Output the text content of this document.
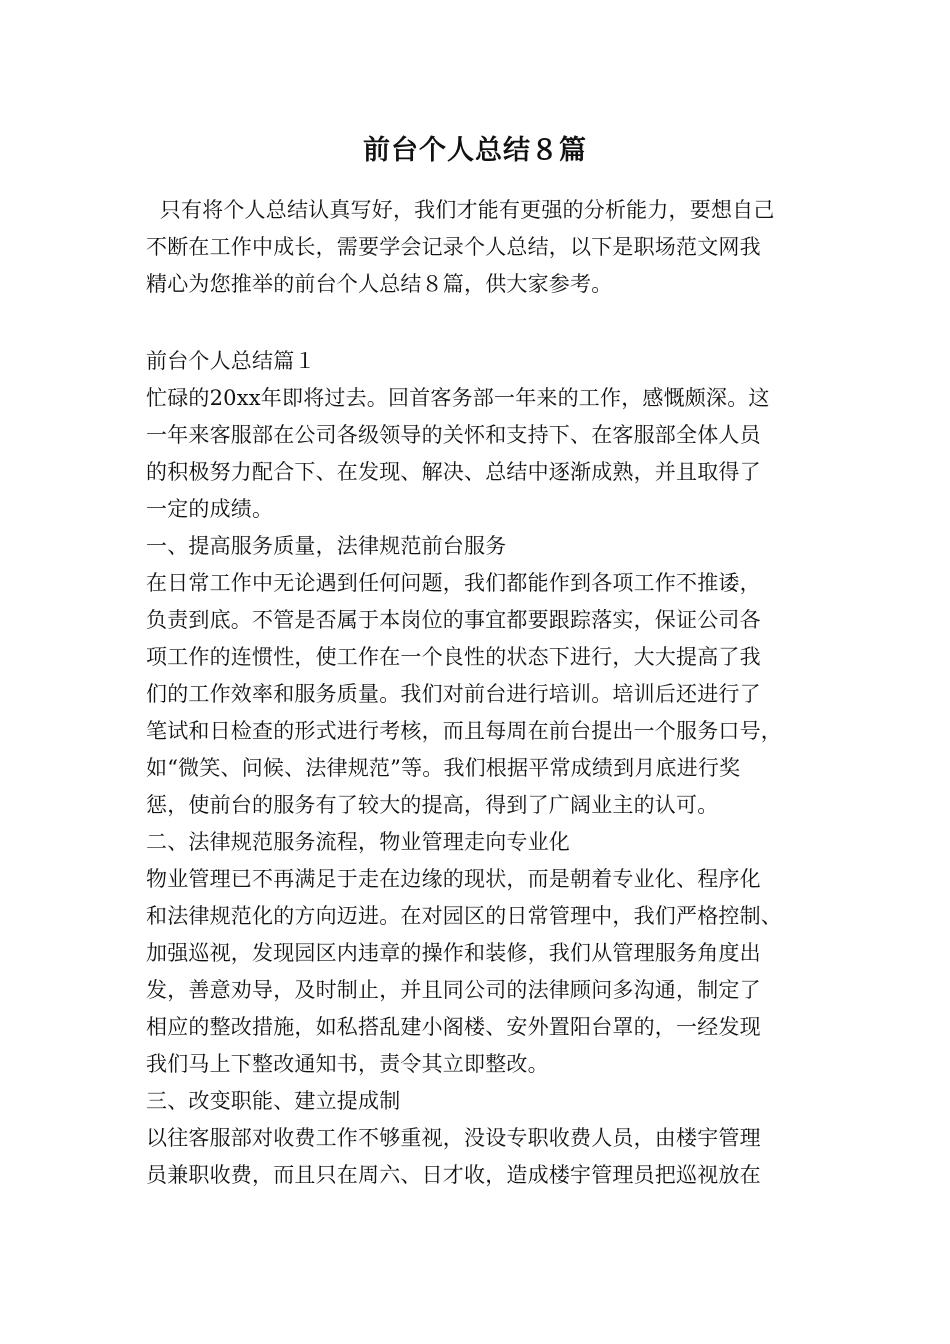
前台个人总结８篇
只有将个人总结认真写好，我们才能有更强的分析能力，要想自己
不断在工作中成长，需要学会记录个人总结，以下是职场范文网我
精心为您推举的前台个人总结８篇，供大家参考。
前台个人总结篇１
忙碌的20xx年即将过去。回首客务部一年来的工作，感慨颇深。这
一年来客服部在公司各级领导的关怀和支持下、在客服部全体人员
的积极努力配合下、在发现、解决、总结中逐渐成熟，并且取得了
一定的成绩。
一、提高服务质量，法律规范前台服务
在日常工作中无论遇到任何问题，我们都能作到各项工作不推诿，
负责到底。不管是否属于本岗位的事宜都要跟踪落实，保证公司各
项工作的连惯性，使工作在一个良性的状态下进行，大大提高了我
们的工作效率和服务质量。我们对前台进行培训。培训后还进行了
笔试和日检查的形式进行考核，而且每周在前台提出一个服务口号，
如“微笑、问候、法律规范”等。我们根据平常成绩到月底进行奖
惩，使前台的服务有了较大的提高，得到了广阔业主的认可。
二、法律规范服务流程，物业管理走向专业化
物业管理已不再满足于走在边缘的现状，而是朝着专业化、程序化
和法律规范化的方向迈进。在对园区的日常管理中，我们严格控制、
加强巡视，发现园区内违章的操作和装修，我们从管理服务角度出
发，善意劝导，及时制止，并且同公司的法律顾问多沟通，制定了
相应的整改措施，如私搭乱建小阁楼、安外置阳台罩的，一经发现
我们马上下整改通知书，责令其立即整改。
三、改变职能、建立提成制
以往客服部对收费工作不够重视，没设专职收费人员，由楼宇管理
员兼职收费，而且只在周六、日才收，造成楼宇管理员把巡视放在
